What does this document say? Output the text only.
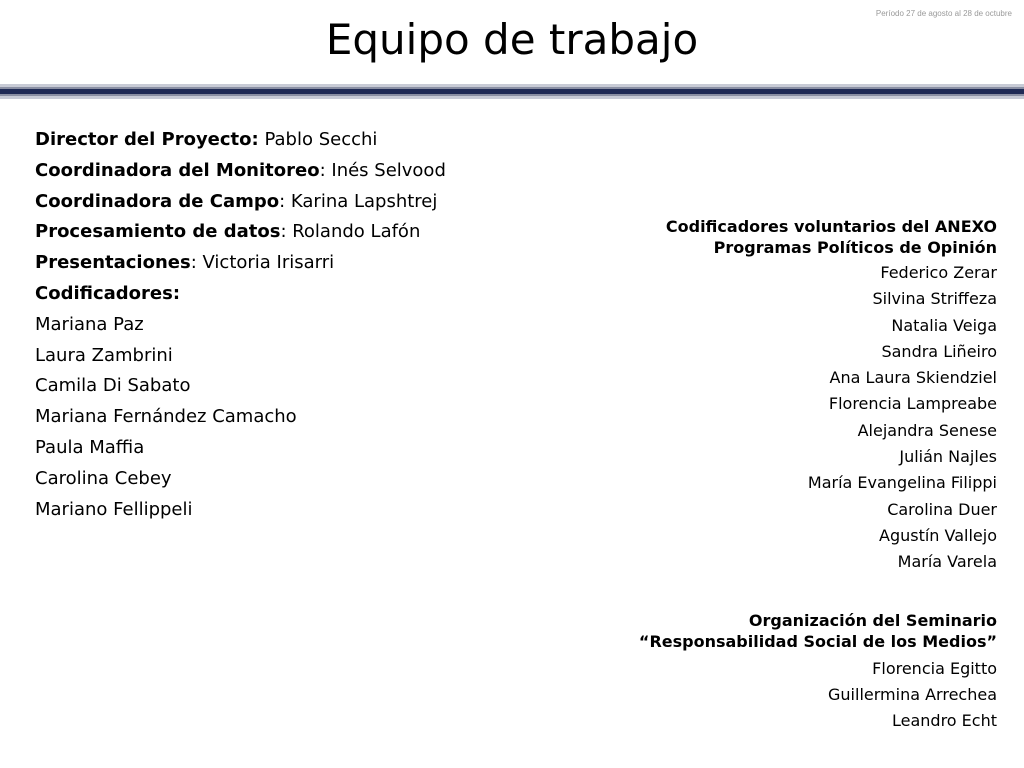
Período 27 de agosto al 28 de octubre
Equipo de trabajo
Director del Proyecto: Pablo Secchi
Coordinadora del Monitoreo: Inés Selvood
Coordinadora de Campo: Karina Lapshtrej
Procesamiento de datos: Rolando Lafón
Presentaciones: Victoria Irisarri
Codificadores:
Mariana Paz
Laura Zambrini
Camila Di Sabato
Mariana Fernández Camacho
Paula Maffia
Carolina Cebey
Mariano Fellippeli
Codificadores voluntarios del ANEXO
Programas Políticos de Opinión
Federico Zerar
Silvina Striffeza
Natalia Veiga
Sandra Liñeiro
Ana Laura Skiendziel
Florencia Lampreabe
Alejandra Senese
Julián Najles
María Evangelina Filippi
Carolina Duer
Agustín Vallejo
María Varela
Organización del Seminario
“Responsabilidad Social de los Medios”
Florencia Egitto
Guillermina Arrechea
Leandro Echt
